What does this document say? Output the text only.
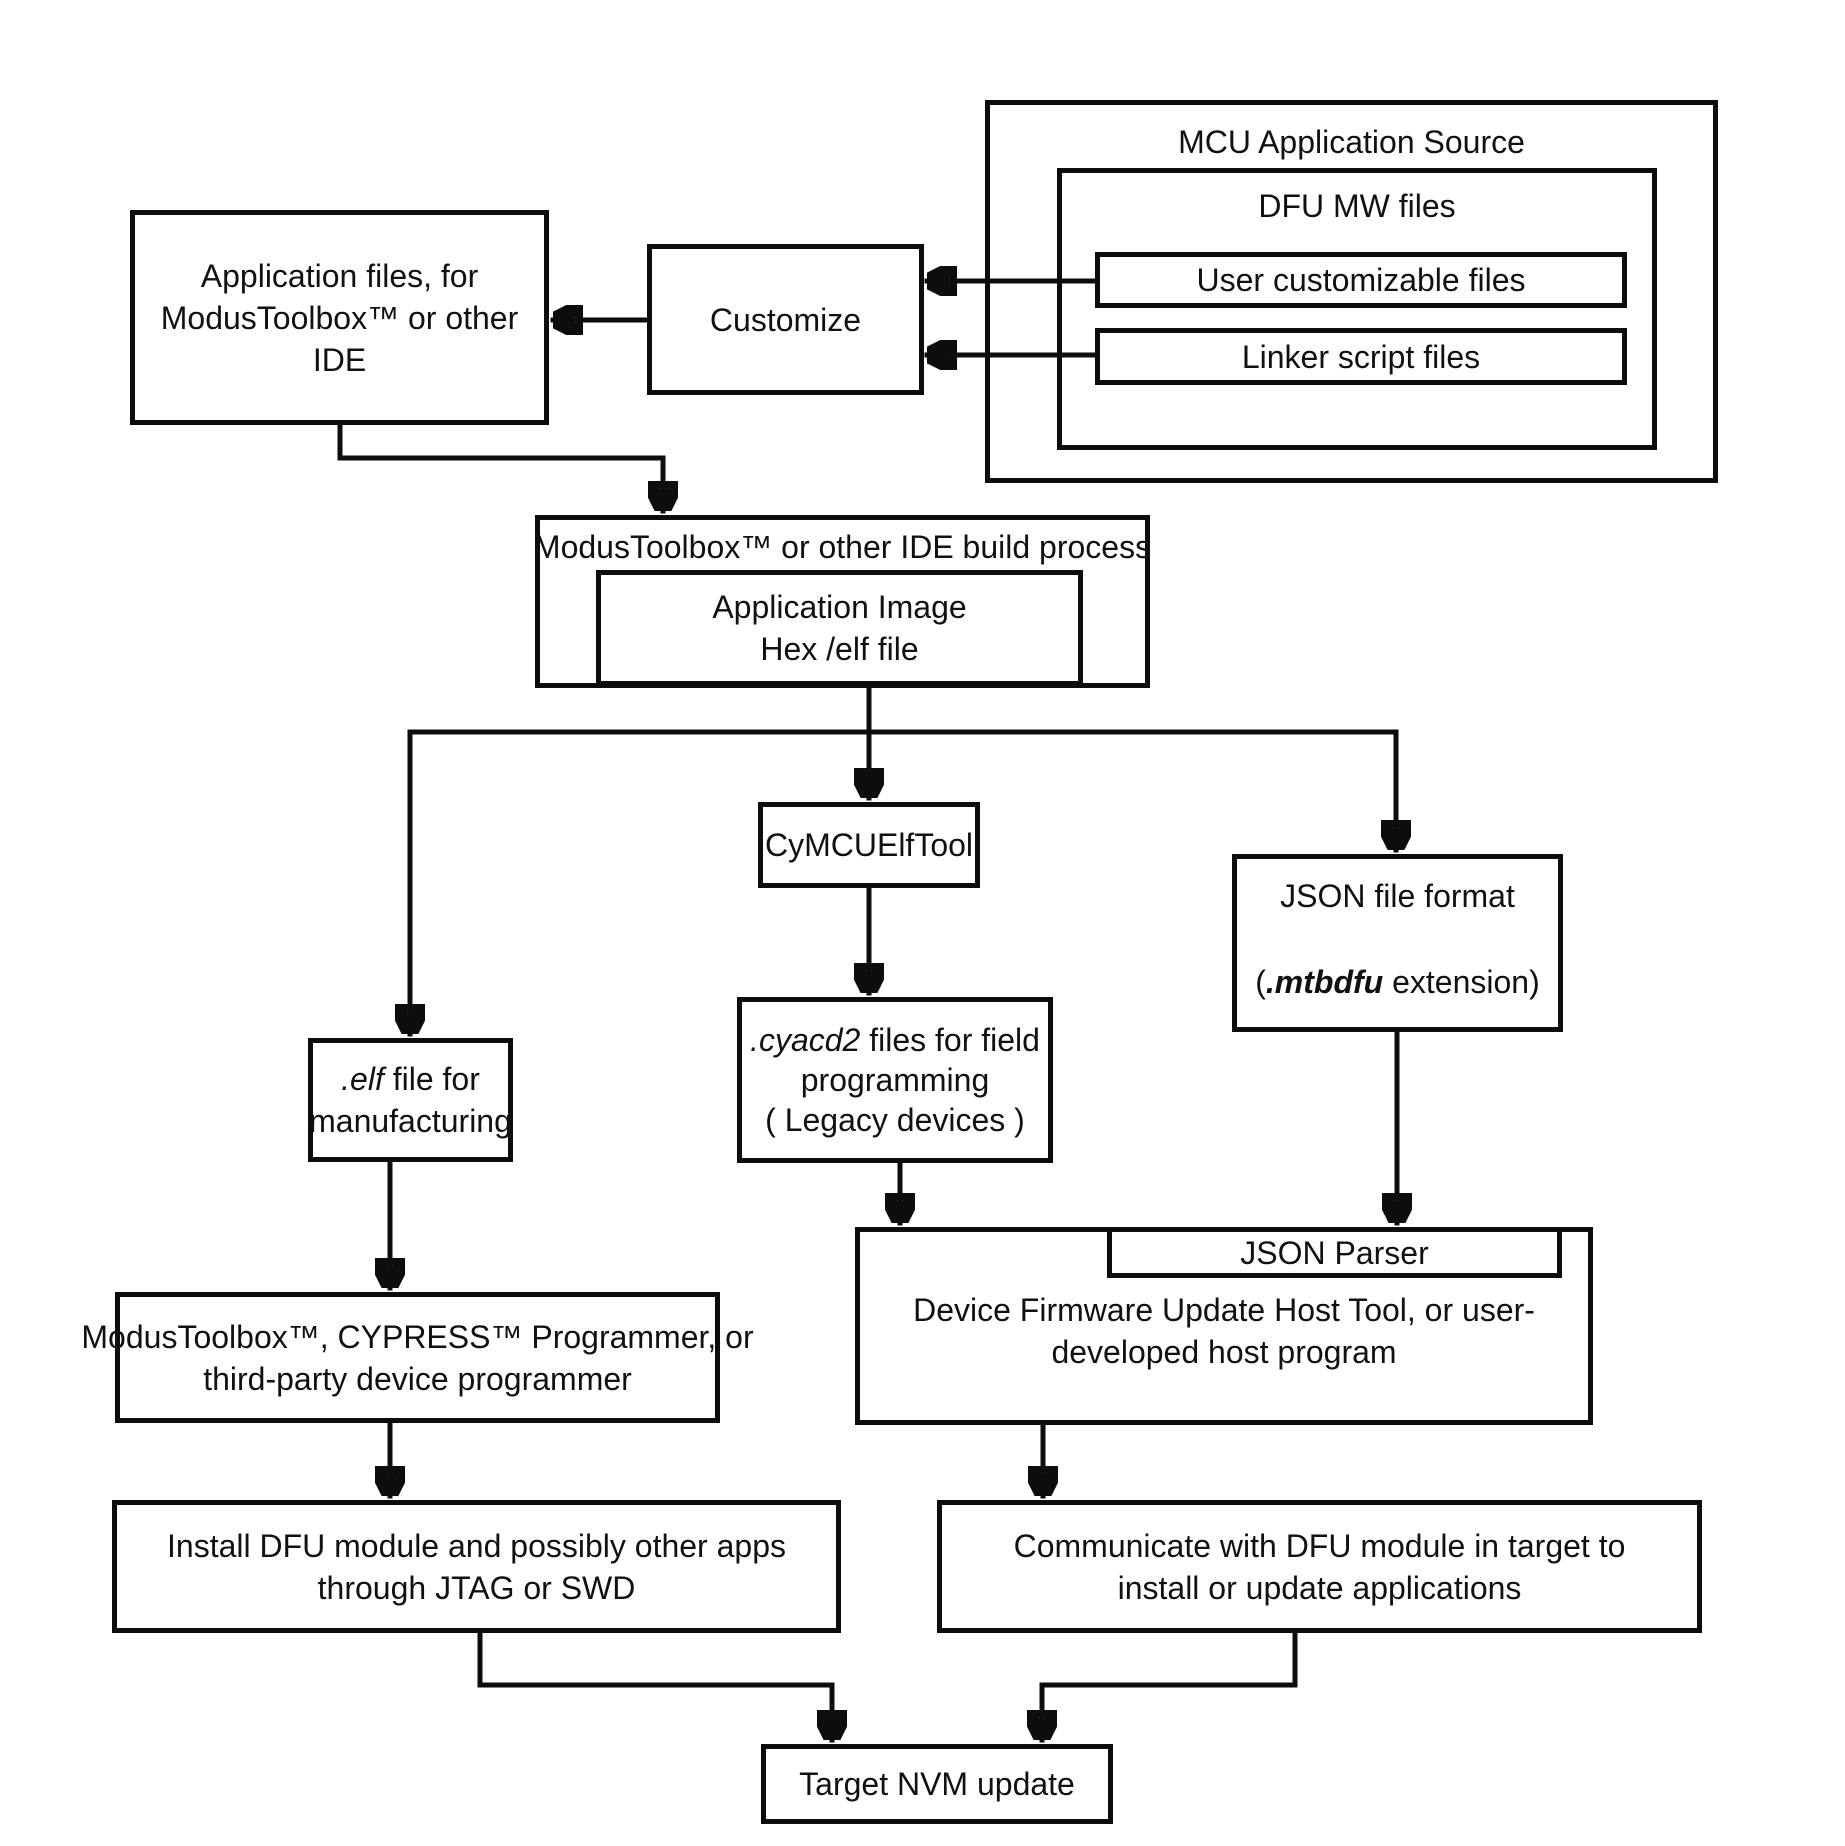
MCU Application Source
DFU MW files
User customizable files
Linker script files
Application files, for
ModusToolbox™ or other
IDE
Customize
ModusToolbox™ or other IDE build process
Application Image
Hex /elf file
CyMCUElfTool
JSON file format
(.mtbdfu extension)
.elf file for
manufacturing
.cyacd2 files for field
programming
( Legacy devices )
Device Firmware Update Host Tool, or user-
developed host program
JSON Parser
ModusToolbox™, CYPRESS™ Programmer, or
third-party device programmer
Install DFU module and possibly other apps
through JTAG or SWD
Communicate with DFU module in target to
install or update applications
Target NVM update
